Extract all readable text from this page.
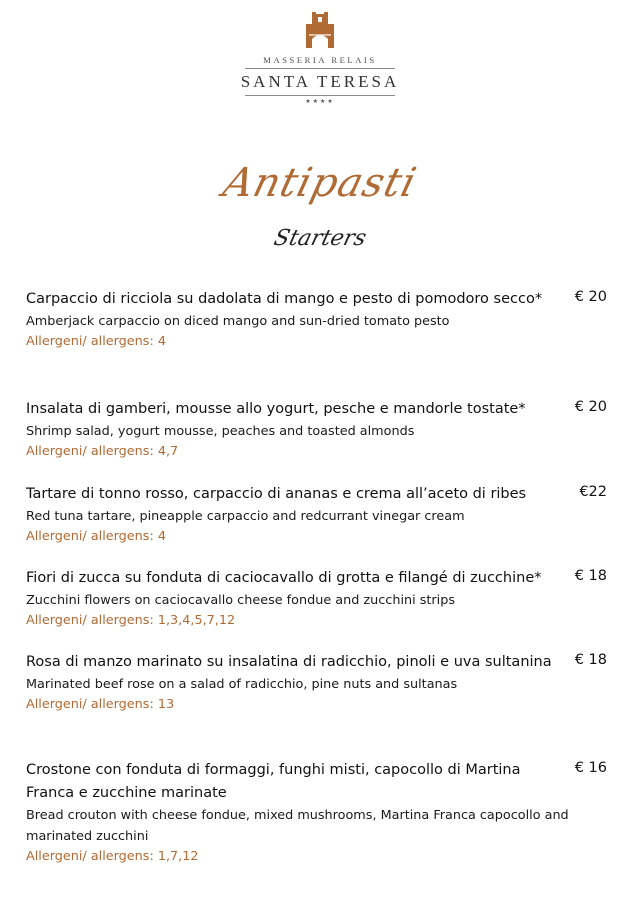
MASSERIA RELAIS
SANTA TERESA
★★★★
Antipasti
Starters
Carpaccio di ricciola su dadolata di mango e pesto di pomodoro secco*	€ 20
Amberjack carpaccio on diced mango and sun-dried tomato pesto
Allergeni/ allergens: 4
Insalata di gamberi, mousse allo yogurt, pesche e mandorle tostate*	€ 20
Shrimp salad, yogurt mousse, peaches and toasted almonds
Allergeni/ allergens: 4,7
Tartare di tonno rosso, carpaccio di ananas e crema all’aceto di ribes	€22
Red tuna tartare, pineapple carpaccio and redcurrant vinegar cream
Allergeni/ allergens: 4
Fiori di zucca su fonduta di caciocavallo di grotta e filangé di zucchine*	€ 18
Zucchini flowers on caciocavallo cheese fondue and zucchini strips
Allergeni/ allergens: 1,3,4,5,7,12
Rosa di manzo marinato su insalatina di radicchio, pinoli e uva sultanina	€ 18
Marinated beef rose on a salad of radicchio, pine nuts and sultanas
Allergeni/ allergens: 13
Crostone con fonduta di formaggi, funghi misti, capocollo di Martina Franca e zucchine marinate
€ 16
Bread crouton with cheese fondue, mixed mushrooms, Martina Franca capocollo and marinated zucchini
Allergeni/ allergens: 1,7,12
